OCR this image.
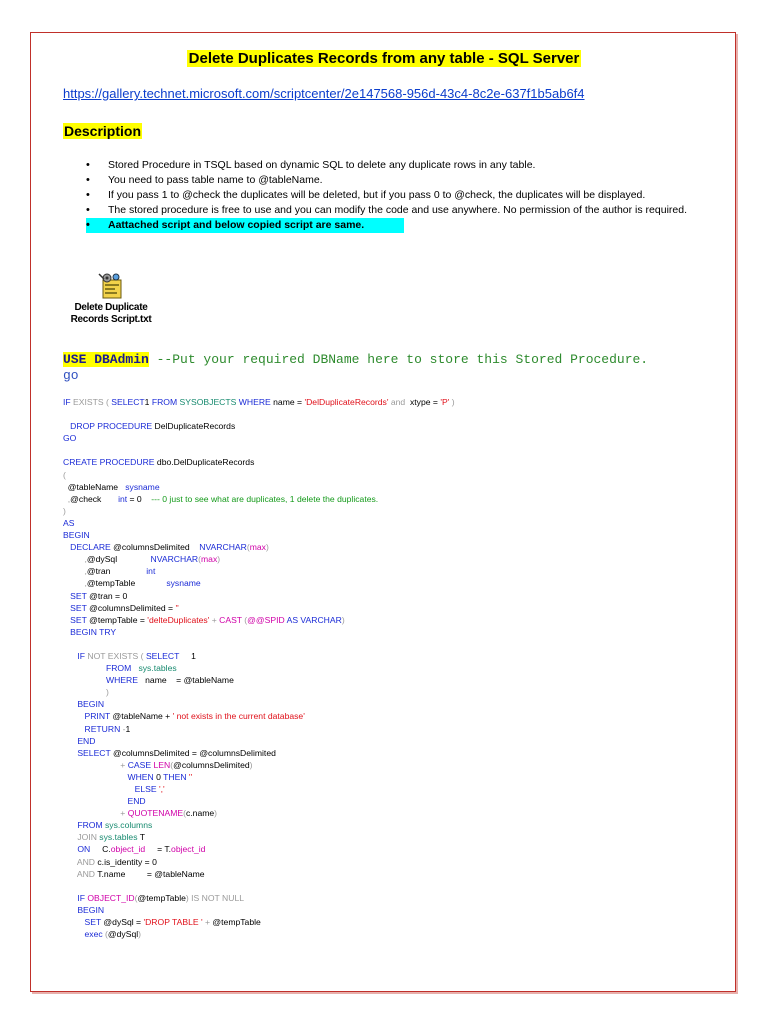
Delete Duplicates Records from any table - SQL Server
https://gallery.technet.microsoft.com/scriptcenter/2e147568-956d-43c4-8c2e-637f1b5ab6f4
Description
• Stored Procedure in TSQL based on dynamic SQL to delete any duplicate rows in any table.
• You need to pass table name to @tableName.
• If you pass 1 to @check the duplicates will be deleted, but if you pass 0 to @check, the duplicates will be displayed.
• The stored procedure is free to use and you can modify the code and use anywhere. No permission of the author is required.
• Aattached script and below copied script are same.
Delete Duplicate
Records Script.txt
USE DBAdmin --Put your required DBName here to store this Stored Procedure.
go
IF EXISTS ( SELECT1 FROM SYSOBJECTS WHERE name = 'DelDuplicateRecords' and  xtype = 'P' )

DROP PROCEDURE DelDuplicateRecords
GO

CREATE PROCEDURE dbo.DelDuplicateRecords
(
@tableName   sysname
,@check       int = 0    --- 0 just to see what are duplicates, 1 delete the duplicates.
)
AS
BEGIN
DECLARE @columnsDelimited    NVARCHAR(max)
,@dySql              NVARCHAR(max)
,@tran               int
,@tempTable             sysname
SET @tran = 0
SET @columnsDelimited = ''
SET @tempTable = 'delteDuplicates' + CAST (@@SPID AS VARCHAR)
BEGIN TRY

IF NOT EXISTS ( SELECT     1
FROM   sys.tables
WHERE   name    = @tableName
)
BEGIN
PRINT @tableName + ' not exists in the current database'
RETURN -1
END
SELECT @columnsDelimited = @columnsDelimited
+ CASE LEN(@columnsDelimited)
WHEN 0 THEN ''
ELSE ','
END
+ QUOTENAME(c.name)
FROM sys.columns
JOIN sys.tables T
ON     C.object_id     = T.object_id
AND c.is_identity = 0
AND T.name         = @tableName

IF OBJECT_ID(@tempTable) IS NOT NULL
BEGIN
SET @dySql = 'DROP TABLE ' + @tempTable
exec (@dySql)
